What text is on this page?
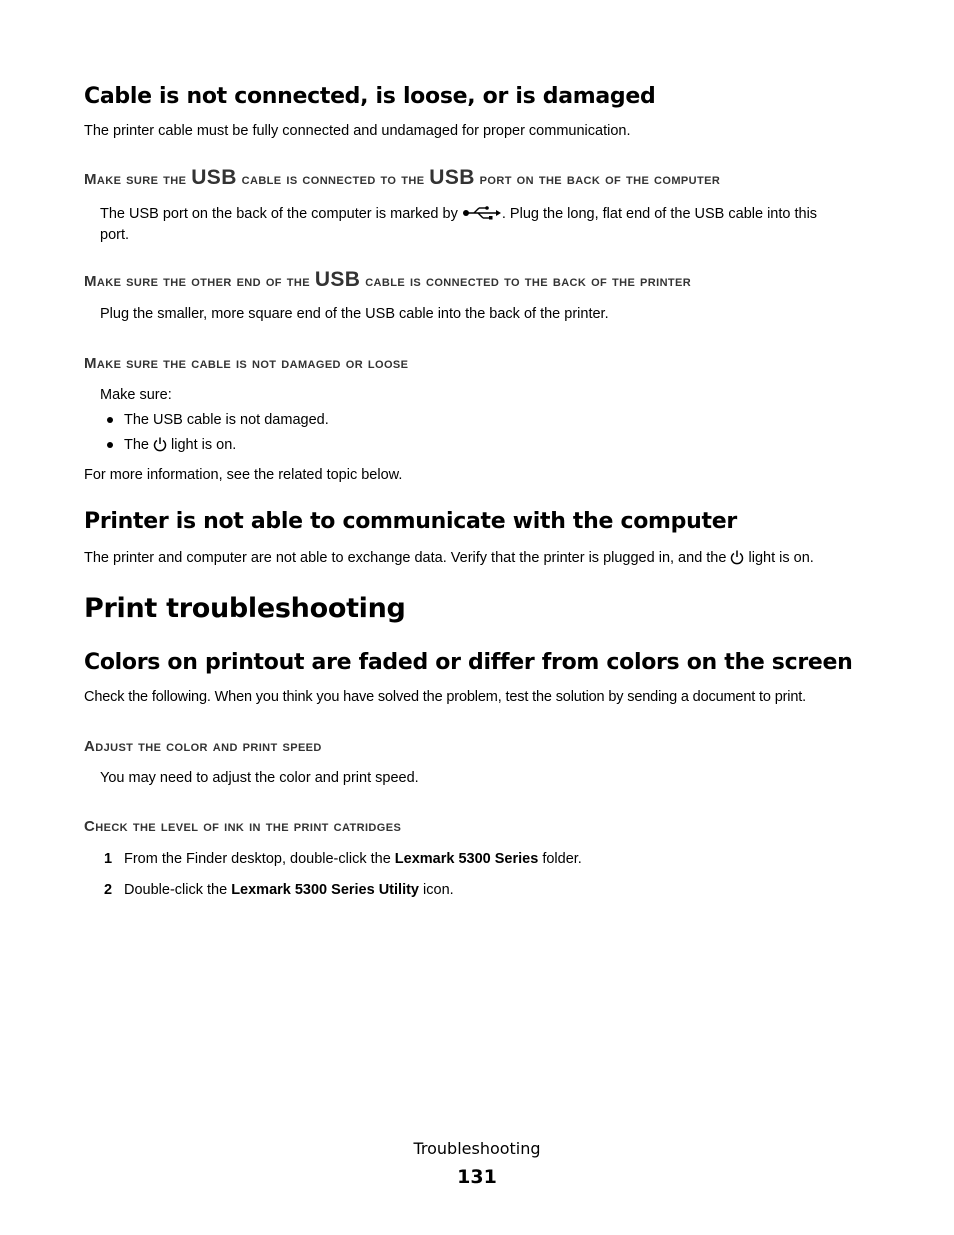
Cable is not connected, is loose, or is damaged
The printer cable must be fully connected and undamaged for proper communication.
make sure the USB cable is connected to the USB port on the back of the computer
The USB port on the back of the computer is marked by	. Plug the long, flat end of the USB cable into this
port.
make sure the other end of the USB cable is connected to the back of the printer
Plug the smaller, more square end of the USB cable into the back of the printer.
make sure the cable is not damaged or loose
Make sure:
The USB cable is not damaged.
The  light is on.
For more information, see the related topic below.
Printer is not able to communicate with the computer
The printer and computer are not able to exchange data. Verify that the printer is plugged in, and the  light is on.
Print troubleshooting
Colors on printout are faded or differ from colors on the screen
Check the following. When you think you have solved the problem, test the solution by sending a document to print.
adjust the color and print speed
You may need to adjust the color and print speed.
check the level of ink in the print catridges
1 From the Finder desktop, double-click the Lexmark 5300 Series folder.
2 Double-click the Lexmark 5300 Series Utility icon.
Troubleshooting
131
